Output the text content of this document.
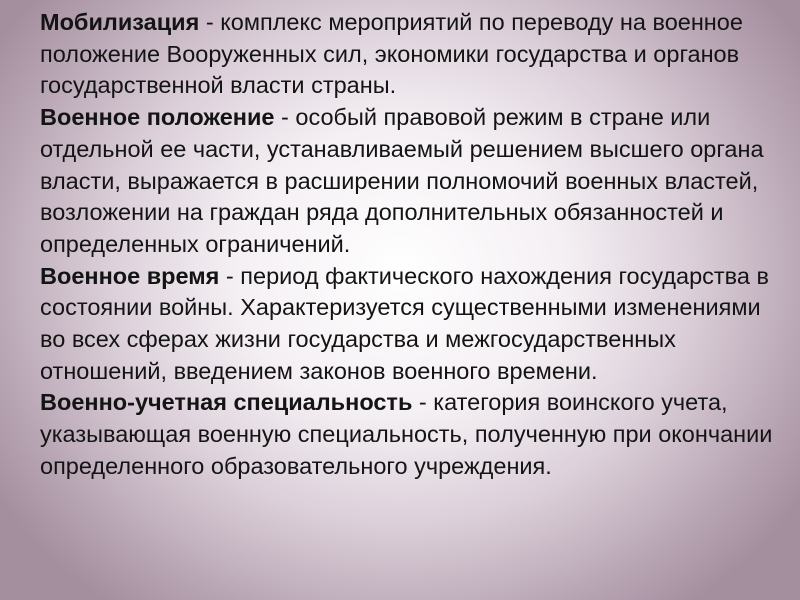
Мобилизация - комплекс мероприятий по переводу на военное положение Вооруженных сил, экономики государства и органов государственной власти страны.

Военное положение - особый правовой режим в стране или отдельной ее части, устанавливаемый решением высшего органа власти, выражается в расширении полномочий военных властей, возложении на граждан ряда дополнительных обязанностей и определенных ограничений.

Военное время - период фактического нахождения государства в состоянии войны. Характеризуется существенными изменениями во всех сферах жизни государства и межгосударственных отношений, введением законов военного времени.

Военно-учетная специальность - категория воинского учета, указывающая военную специальность, полученную при окончании определенного образовательного учреждения.
